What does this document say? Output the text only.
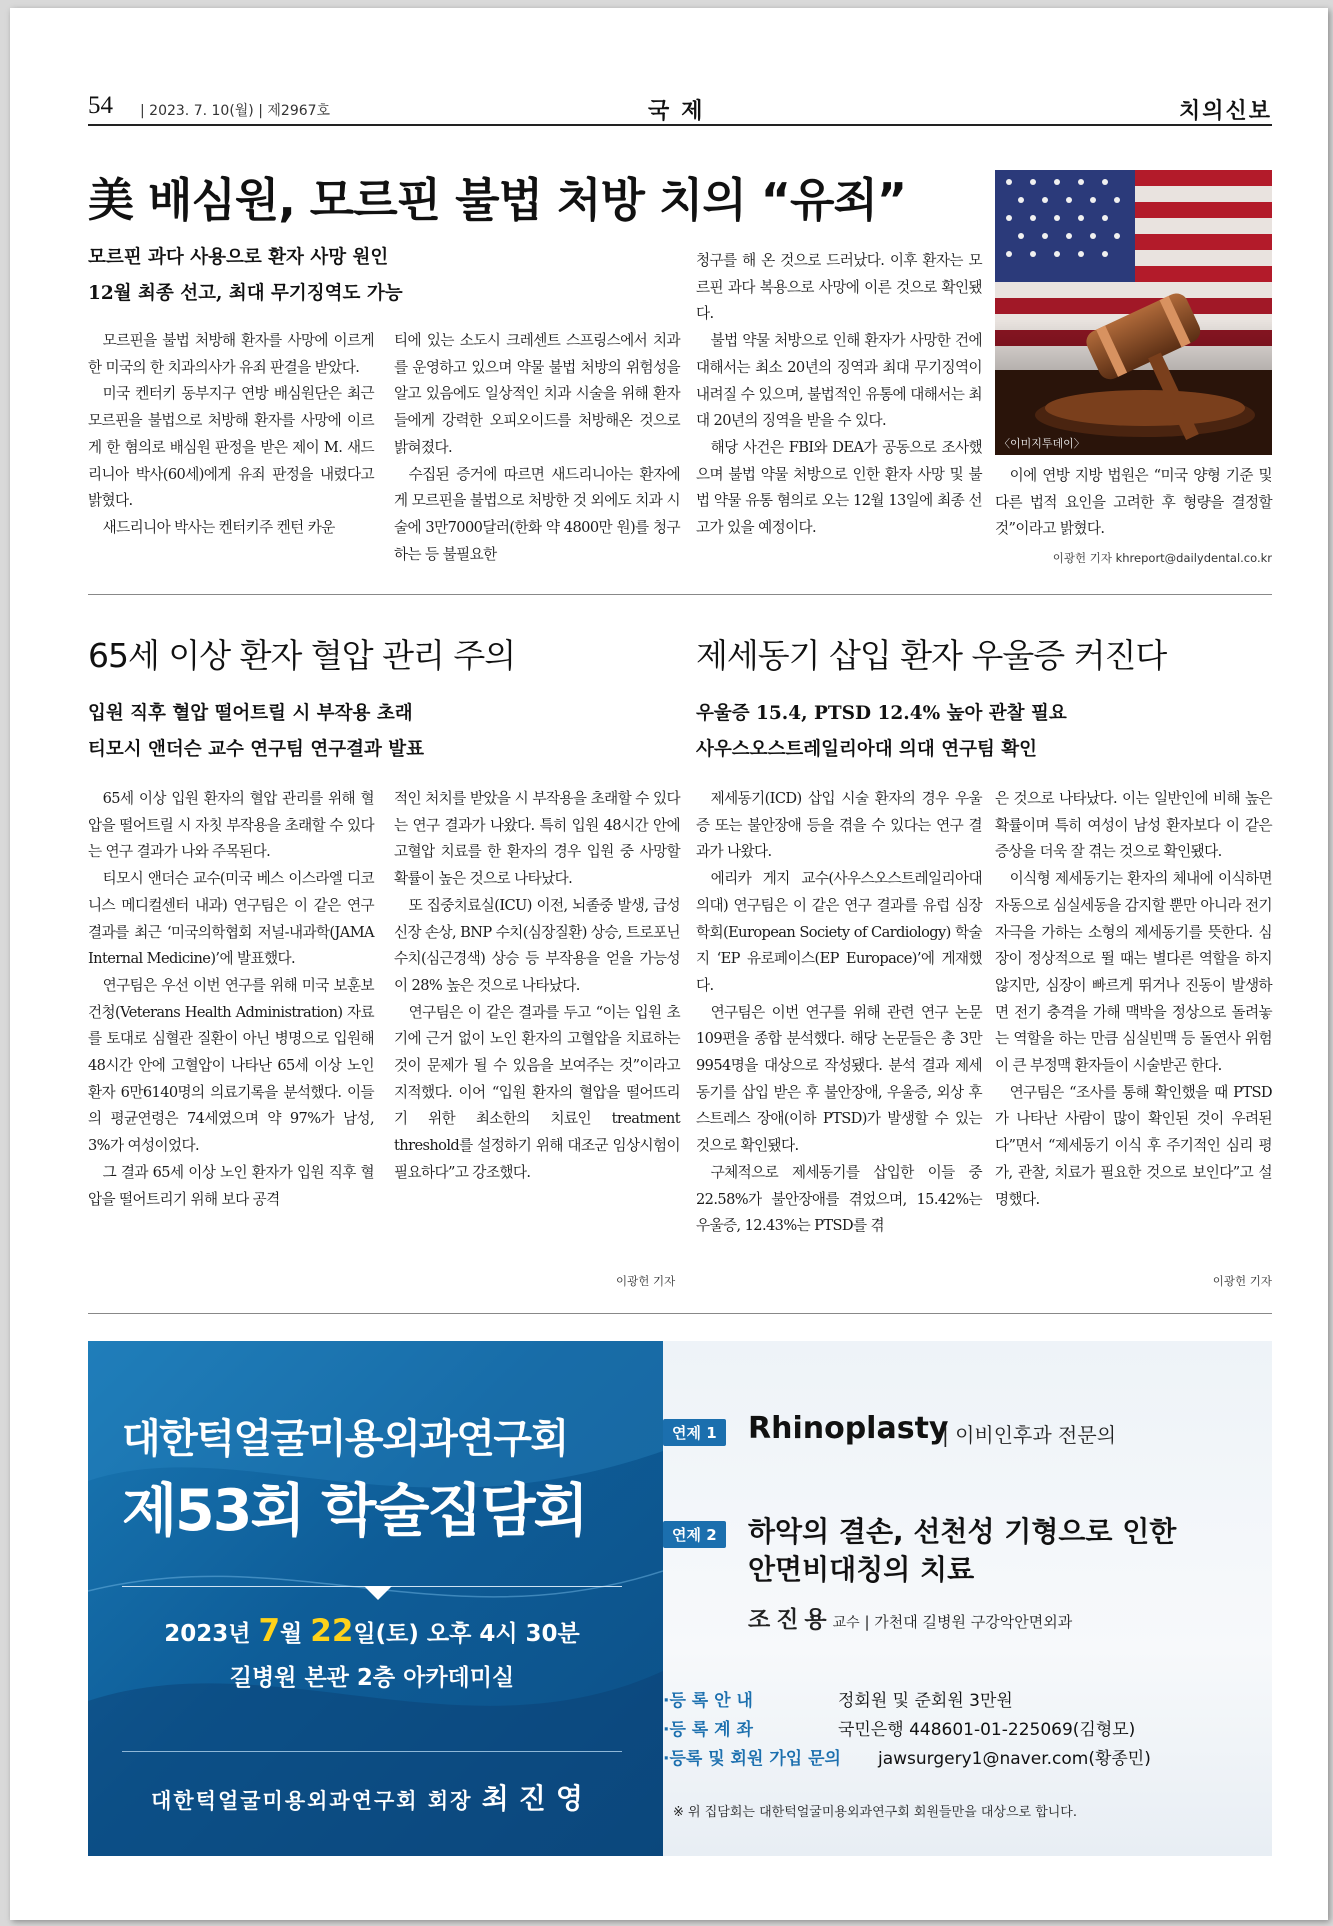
54 | 2023. 7. 10(월) | 제2967호	국제	치의신보
美 배심원, 모르핀 불법 처방 치의 “유죄”
모르핀 과다 사용으로 환자 사망 원인
12월 최종 선고, 최대 무기징역도 가능

모르핀을 불법 처방해 환자를 사망에 이르게 한 미국의 한 치과의사가 유죄 판결을 받았다.

미국 켄터키 동부지구 연방 배심원단은 최근 모르핀을 불법으로 처방해 환자를 사망에 이르게 한 혐의로 배심원 판정을 받은 제이 M. 새드리니아 박사(60세)에게 유죄 판정을 내렸다고 밝혔다.

새드리니아 박사는 켄터키주 켄턴 카운

티에 있는 소도시 크레센트 스프링스에서 치과를 운영하고 있으며 약물 불법 처방의 위험성을 알고 있음에도 일상적인 치과 시술을 위해 환자들에게 강력한 오피오이드를 처방해온 것으로 밝혀졌다.

수집된 증거에 따르면 새드리니아는 환자에게 모르핀을 불법으로 처방한 것 외에도 치과 시술에 3만7000달러(한화 약 4800만 원)를 청구하는 등 불필요한

청구를 해 온 것으로 드러났다. 이후 환자는 모르핀 과다 복용으로 사망에 이른 것으로 확인됐다.

불법 약물 처방으로 인해 환자가 사망한 건에 대해서는 최소 20년의 징역과 최대 무기징역이 내려질 수 있으며, 불법적인 유통에 대해서는 최대 20년의 징역을 받을 수 있다.

해당 사건은 FBI와 DEA가 공동으로 조사했으며 불법 약물 처방으로 인한 환자 사망 및 불법 약물 유통 혐의로 오는 12월 13일에 최종 선고가 있을 예정이다.

〈이미지투데이〉

이에 연방 지방 법원은 “미국 양형 기준 및 다른 법적 요인을 고려한 후 형량을 결정할 것”이라고 밝혔다.

이광헌 기자 khreport@dailydental.co.kr
65세 이상 환자 혈압 관리 주의
입원 직후 혈압 떨어트릴 시 부작용 초래
티모시 앤더슨 교수 연구팀 연구결과 발표

65세 이상 입원 환자의 혈압 관리를 위해 혈압을 떨어트릴 시 자칫 부작용을 초래할 수 있다는 연구 결과가 나와 주목된다.

티모시 앤더슨 교수(미국 베스 이스라엘 디코니스 메디컬센터 내과) 연구팀은 이 같은 연구 결과를 최근 ‘미국의학협회 저널-내과학(JAMA Internal Medicine)’에 발표했다.

연구팀은 우선 이번 연구를 위해 미국 보훈보건청(Veterans Health Administration) 자료를 토대로 심혈관 질환이 아닌 병명으로 입원해 48시간 안에 고혈압이 나타난 65세 이상 노인 환자 6만6140명의 의료기록을 분석했다. 이들의 평균연령은 74세였으며 약 97%가 남성, 3%가 여성이었다.

그 결과 65세 이상 노인 환자가 입원 직후 혈압을 떨어트리기 위해 보다 공격

적인 처치를 받았을 시 부작용을 초래할 수 있다는 연구 결과가 나왔다. 특히 입원 48시간 안에 고혈압 치료를 한 환자의 경우 입원 중 사망할 확률이 높은 것으로 나타났다.

또 집중치료실(ICU) 이전, 뇌졸중 발생, 급성 신장 손상, BNP 수치(심장질환) 상승, 트로포닌 수치(심근경색) 상승 등 부작용을 얻을 가능성이 28% 높은 것으로 나타났다.

연구팀은 이 같은 결과를 두고 “이는 입원 초기에 근거 없이 노인 환자의 고혈압을 치료하는 것이 문제가 될 수 있음을 보여주는 것”이라고 지적했다. 이어 “입원 환자의 혈압을 떨어뜨리기 위한 최소한의 치료인 treatment threshold를 설정하기 위해 대조군 임상시험이 필요하다”고 강조했다.

이광헌 기자
제세동기 삽입 환자 우울증 커진다
우울증 15.4, PTSD 12.4% 높아 관찰 필요
사우스오스트레일리아대 의대 연구팀 확인

제세동기(ICD) 삽입 시술 환자의 경우 우울증 또는 불안장애 등을 겪을 수 있다는 연구 결과가 나왔다.

에리카 게지 교수(사우스오스트레일리아대 의대) 연구팀은 이 같은 연구 결과를 유럽 심장학회(European Society of Cardiology) 학술지 ‘EP 유로페이스(EP Europace)’에 게재했다.

연구팀은 이번 연구를 위해 관련 연구 논문 109편을 종합 분석했다. 해당 논문들은 총 3만9954명을 대상으로 작성됐다. 분석 결과 제세동기를 삽입 받은 후 불안장애, 우울증, 외상 후 스트레스 장애(이하 PTSD)가 발생할 수 있는 것으로 확인됐다.

구체적으로 제세동기를 삽입한 이들 중 22.58%가 불안장애를 겪었으며, 15.42%는 우울증, 12.43%는 PTSD를 겪

은 것으로 나타났다. 이는 일반인에 비해 높은 확률이며 특히 여성이 남성 환자보다 이 같은 증상을 더욱 잘 겪는 것으로 확인됐다.

이식형 제세동기는 환자의 체내에 이식하면 자동으로 심실세동을 감지할 뿐만 아니라 전기자극을 가하는 소형의 제세동기를 뜻한다. 심장이 정상적으로 뛸 때는 별다른 역할을 하지 않지만, 심장이 빠르게 뛰거나 진동이 발생하면 전기 충격을 가해 맥박을 정상으로 돌려놓는 역할을 하는 만큼 심실빈맥 등 돌연사 위험이 큰 부정맥 환자들이 시술받곤 한다.

연구팀은 “조사를 통해 확인했을 때 PTSD가 나타난 사람이 많이 확인된 것이 우려된다”면서 “제세동기 이식 후 주기적인 심리 평가, 관찰, 치료가 필요한 것으로 보인다”고 설명했다.

이광헌 기자
대한턱얼굴미용외과연구회
제53회 학술집담회
2023년 7월 22일(토) 오후 4시 30분
길병원 본관 2층 아카데미실
대한턱얼굴미용외과연구회 회장 최진영
연제 1	Rhinoplasty
| 이비인후과 전문의
연제 2	하악의 결손, 선천성 기형으로 인한
안면비대칭의 치료
조진용교수 | 가천대 길병원 구강악안면외과
·등 록 안 내	정회원 및 준회원 3만원
·등 록 계 좌	국민은행 448601-01-225069(김형모)
·등록 및 회원 가입 문의 jawsurgery1@naver.com(황종민)
※ 위 집담회는 대한턱얼굴미용외과연구회 회원들만을 대상으로 합니다.
